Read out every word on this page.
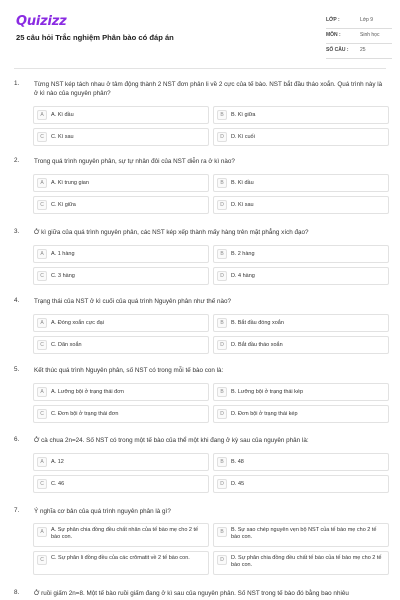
Quizizz
25 câu hỏi Trắc nghiệm Phân bào có đáp án
LỚP :	Lớp 9
MÔN :	Sinh học
SỐ CÂU : 25
1. Từng NST kép tách nhau ở tâm động thành 2 NST đơn phân li về 2 cực của tế bào. NST bắt đầu tháo xoắn. Quá trình này là ở kì nào của nguyên phân?
A	A. Kì đầu	B	B. Kì giữa
C	C. Kì sau	D	D. Kì cuối
2. Trong quá trình nguyên phân, sự tự nhân đôi của NST diễn ra ở kì nào?
A	A. Kì trung gian	B	B. Kì đầu
C	C. Kì giữa	D	D. Kì sau
3. Ở kì giữa của quá trình nguyên phân, các NST kép xếp thành mấy hàng trên mặt phẳng xích đạo?
A	A. 1 hàng	B	B. 2 hàng
C	C. 3 hàng	D	D. 4 hàng
4. Trạng thái của NST ở kì cuối của quá trình Nguyên phân như thế nào?
A	A. Đóng xoắn cực đại	B	B. Bắt đầu đóng xoắn
C	C. Dãn xoắn	D	D. Bắt đầu tháo xoắn
5. Kết thúc quá trình Nguyên phân, số NST có trong mỗi tế bào con là:
A	A. Lưỡng bội ở trạng thái đơn	B	B. Lưỡng bội ở trạng thái kép
C	C. Đơn bội ở trạng thái đơn	D	D. Đơn bội ở trạng thái kép
6. Ở cà chua 2n=24. Số NST có trong một tế bào của thể một khi đang ở kỳ sau của nguyên phân là:
A	A. 12	B	B. 48
C	C. 46	D	D. 45
7. Ý nghĩa cơ bản của quá trình nguyên phân là gì?
A	A. Sự phân chia đồng đều chất nhân của tế bào mẹ cho 2 tế bào con.
B	B. Sự sao chép nguyên vẹn bộ NST của tế bào mẹ cho 2 tế bào con.
C	C. Sự phân li đồng đều của các crômatit về 2 tế bào con.	D	D. Sự phân chia đồng đều chất tế bào của tế bào mẹ cho 2 tế bào con.
8. Ở ruồi giấm 2n=8. Một tế bào ruồi giấm đang ở kì sau của nguyên phân. Số NST trong tế bào đó bằng bao nhiêu
